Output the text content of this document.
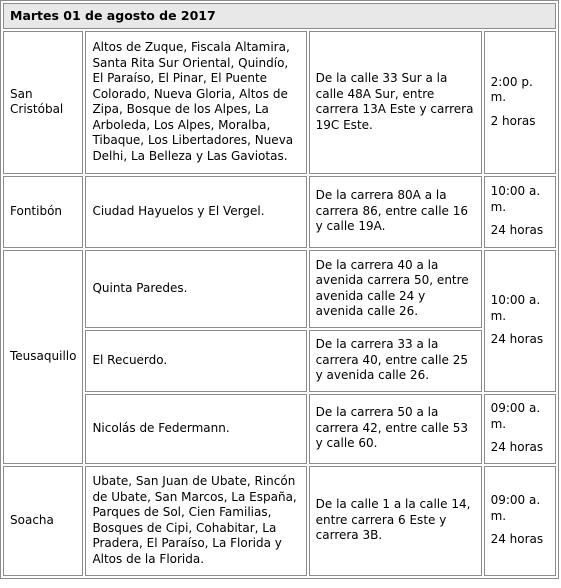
Martes 01 de agosto de 2017			
San Cristóbal	Altos de Zuque, Fiscala Altamira, Santa Rita Sur Oriental, Quindío, El Paraíso, El Pinar, El Puente Colorado, Nueva Gloria, Altos de Zipa, Bosque de los Alpes, La Arboleda, Los Alpes, Moralba, Tibaque, Los Libertadores, Nueva Delhi, La Belleza y Las Gaviotas.	De la calle 33 Sur a la calle 48A Sur, entre carrera 13A Este y carrera 19C Este.	2:00 p. m.
2 horas

Fontibón	Ciudad Hayuelos y El Vergel.	De la carrera 80A a la carrera 86, entre calle 16 y calle 19A.	10:00 a. m.
24 horas

Teusaquillo	Quinta Paredes.	De la carrera 40 a la avenida carrera 50, entre avenida calle 24 y avenida calle 26.	10:00 a. m.
24 horas

	El Recuerdo.	De la carrera 33 a la carrera 40, entre calle 25 y avenida calle 26.	
	Nicolás de Federmann.	De la carrera 50 a la carrera 42, entre calle 53 y calle 60.	09:00 a. m.
24 horas

Soacha	Ubate, San Juan de Ubate, Rincón de Ubate, San Marcos, La España, Parques de Sol, Cien Familias, Bosques de Cipi, Cohabitar, La Pradera, El Paraíso, La Florida y Altos de la Florida.	De la calle 1 a la calle 14, entre carrera 6 Este y carrera 3B.	09:00 a. m.
24 horas
